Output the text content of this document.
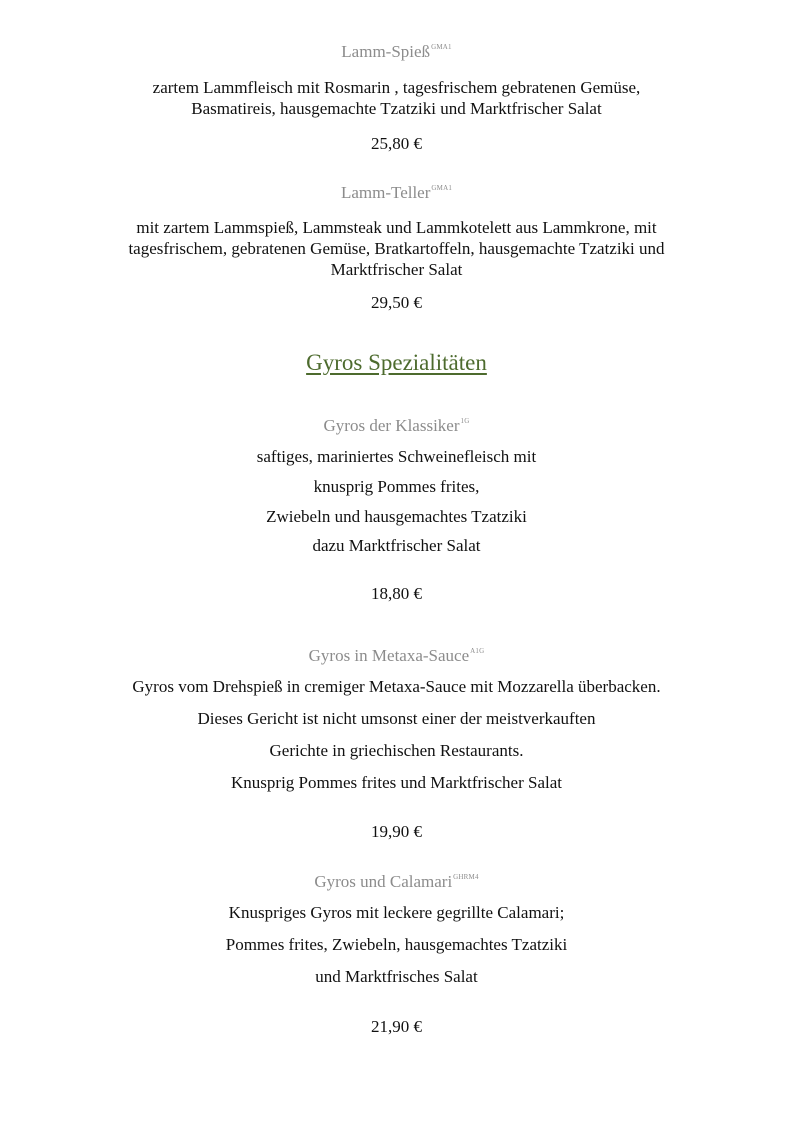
Lamm-Spieß$^{GMA1}$
zartem Lammfleisch mit Rosmarin , tagesfrischem gebratenen Gemüse,
Basmatireis, hausgemachte Tzatziki und Marktfrischer Salat
25,80 €
Lamm-Teller$^{GMA1}$
mit zartem Lammspieß, Lammsteak und Lammkotelett aus Lammkrone, mit
tagesfrischem, gebratenen Gemüse, Bratkartoffeln, hausgemachte Tzatziki und
Marktfrischer Salat
29,50 €
Gyros Spezialitäten
Gyros der Klassiker$^{1G}$
saftiges, mariniertes Schweinefleisch mit
knusprig Pommes frites,
Zwiebeln und hausgemachtes Tzatziki
dazu Marktfrischer Salat
18,80 €
Gyros in Metaxa-Sauce$^{A1G}$
Gyros vom Drehspieß in cremiger Metaxa-Sauce mit Mozzarella überbacken.
Dieses Gericht ist nicht umsonst einer der meistverkauften
Gerichte in griechischen Restaurants.
Knusprig Pommes frites und Marktfrischer Salat
19,90 €
Gyros und Calamari$^{GHRM4}$
Knuspriges Gyros mit leckere gegrillte Calamari;
Pommes frites, Zwiebeln, hausgemachtes Tzatziki
und Marktfrisches Salat
21,90 €
